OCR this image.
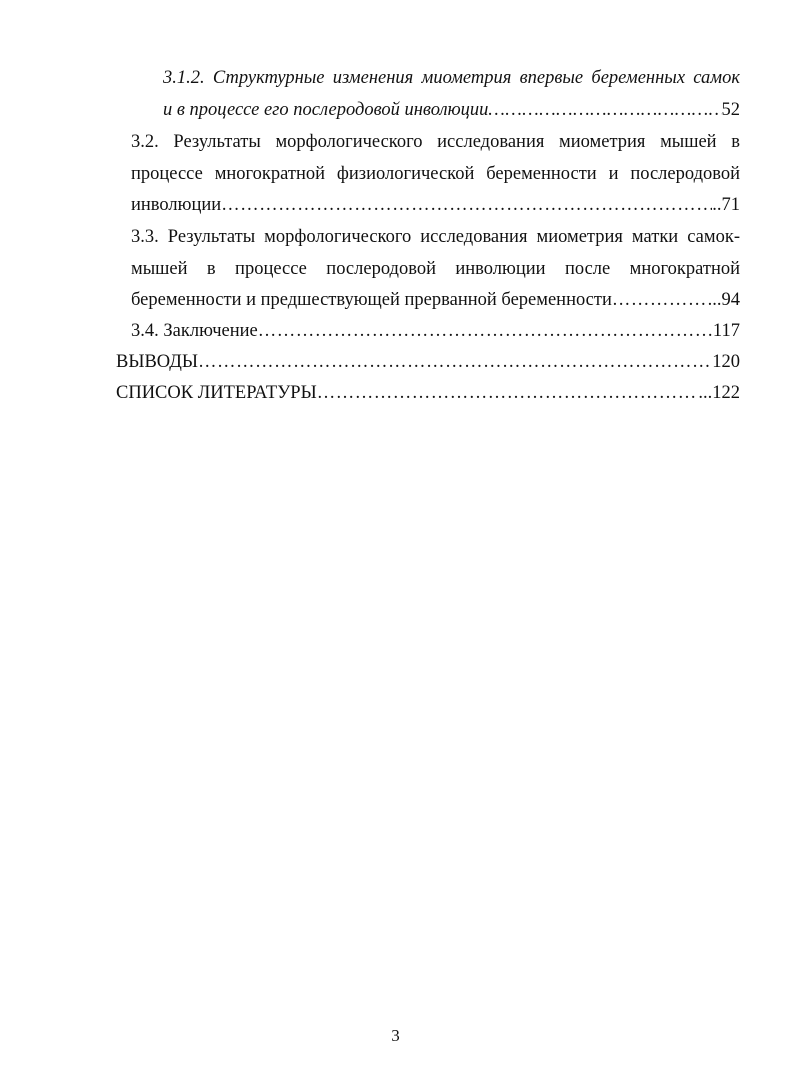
3.1.2. Структурные изменения миометрия впервые беременных самок
и в процессе его послеродовой инволюции ………………………………………………………………………………………………………………………………………………………………………	52
3.2. Результаты морфологического исследования миометрия мышей в
процессе многократной физиологической беременности и послеродовой
инволюции ………………………………………………………………………………………………………………………………………………………………………	..71
3.3. Результаты морфологического исследования миометрия матки самок-
мышей в процессе послеродовой инволюции после многократной
беременности и предшествующей прерванной беременности ………………………………………………………………………………………………………………………………………………………………………	..94
3.4. Заключение ………………………………………………………………………………………………………………………………………………………………………	117
ВЫВОДЫ ………………………………………………………………………………………………………………………………………………………………………	120
СПИСОК ЛИТЕРАТУРЫ ………………………………………………………………………………………………………………………………………………………………………	...122
3
